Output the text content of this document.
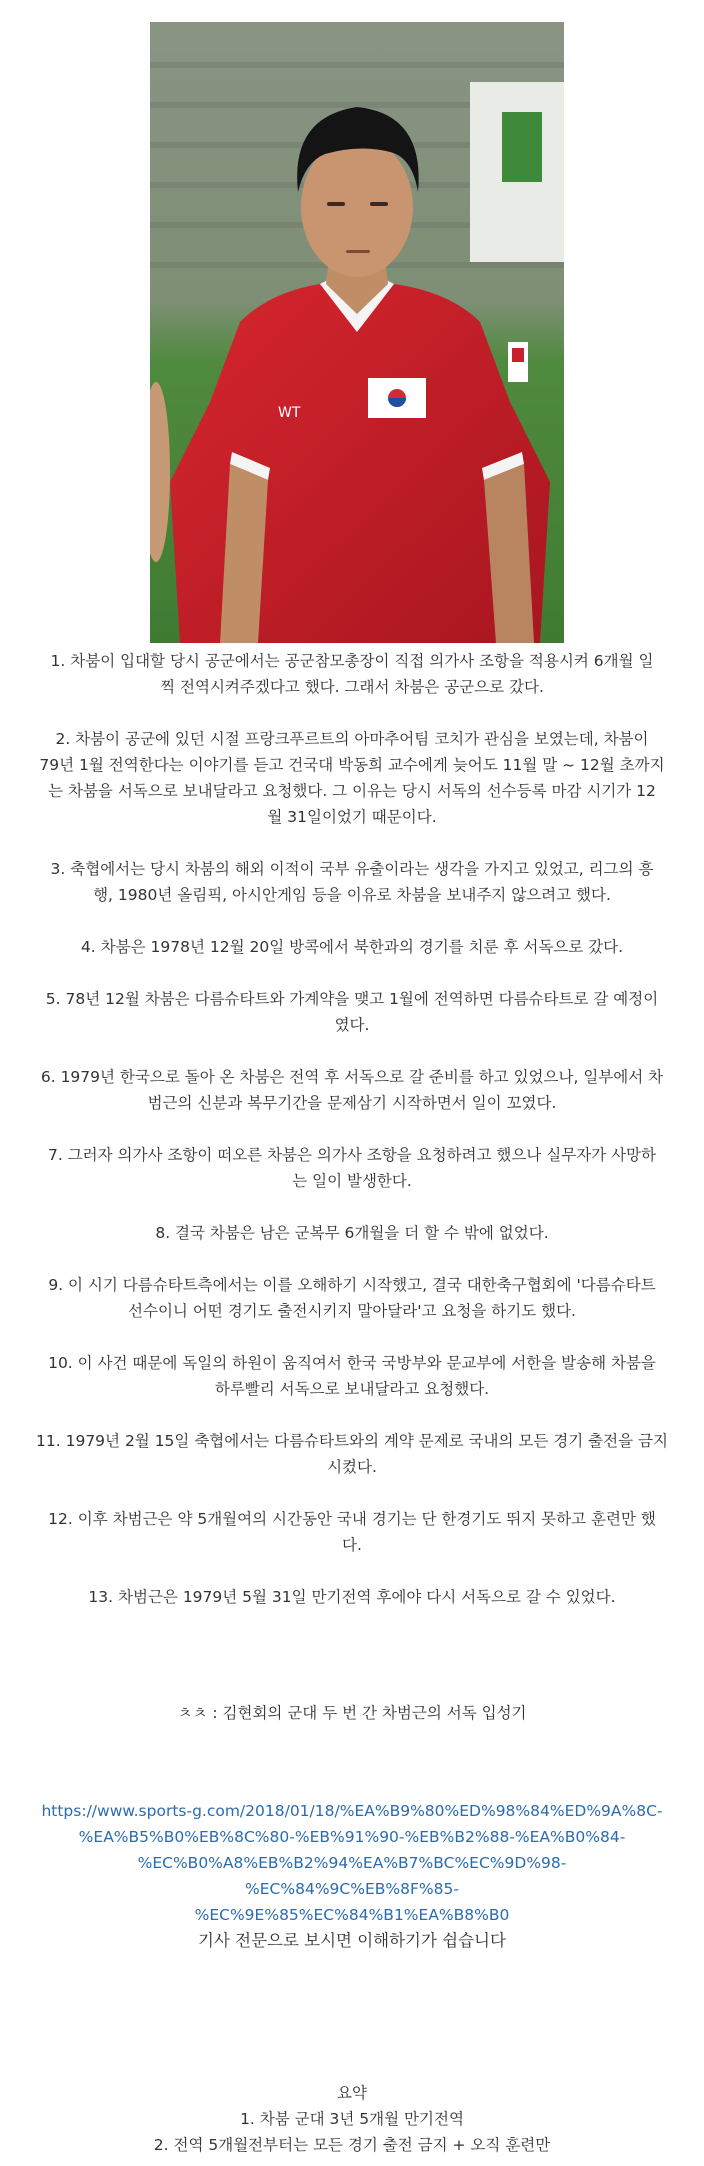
WT
1. 차붐이 입대할 당시 공군에서는 공군참모총장이 직접 의가사 조항을 적용시켜 6개월 일
찍 전역시켜주겠다고 했다. 그래서 차붐은 공군으로 갔다.
2. 차붐이 공군에 있던 시절 프랑크푸르트의 아마추어팀 코치가 관심을 보였는데, 차붐이
79년 1월 전역한다는 이야기를 듣고 건국대 박동희 교수에게 늦어도 11월 말 ~ 12월 초까지
는 차붐을 서독으로 보내달라고 요청했다. 그 이유는 당시 서독의 선수등록 마감 시기가 12
월 31일이었기 때문이다.
3. 축협에서는 당시 차붐의 해외 이적이 국부 유출이라는 생각을 가지고 있었고, 리그의 흥
행, 1980년 올림픽, 아시안게임 등을 이유로 차붐을 보내주지 않으려고 했다.
4. 차붐은 1978년 12월 20일 방콕에서 북한과의 경기를 치룬 후 서독으로 갔다.
5. 78년 12월 차붐은 다름슈타트와 가계약을 맺고 1월에 전역하면 다름슈타트로 갈 예정이
였다.
6. 1979년 한국으로 돌아 온 차붐은 전역 후 서독으로 갈 준비를 하고 있었으나, 일부에서 차
범근의 신분과 복무기간을 문제삼기 시작하면서 일이 꼬였다.
7. 그러자 의가사 조항이 떠오른 차붐은 의가사 조항을 요청하려고 했으나 실무자가 사망하
는 일이 발생한다.
8. 결국 차붐은 남은 군복무 6개월을 더 할 수 밖에 없었다.
9. 이 시기 다름슈타트측에서는 이를 오해하기 시작했고, 결국 대한축구협회에 '다름슈타트
선수이니 어떤 경기도 출전시키지 말아달라'고 요청을 하기도 했다.
10. 이 사건 때문에 독일의 하원이 움직여서 한국 국방부와 문교부에 서한을 발송해 차붐을
하루빨리 서독으로 보내달라고 요청했다.
11. 1979년 2월 15일 축협에서는 다름슈타트와의 계약 문제로 국내의 모든 경기 출전을 금지
시켰다.
12. 이후 차범근은 약 5개월여의 시간동안 국내 경기는 단 한경기도 뛰지 못하고 훈련만 했
다.
13. 차범근은 1979년 5월 31일 만기전역 후에야 다시 서독으로 갈 수 있었다.
ㅊㅊ : 김현회의 군대 두 번 간 차범근의 서독 입성기
https://www.sports-g.com/2018/01/18/%EA%B9%80%ED%98%84%ED%9A%8C-
%EA%B5%B0%EB%8C%80-%EB%91%90-%EB%B2%88-%EA%B0%84-
%EC%B0%A8%EB%B2%94%EA%B7%BC%EC%9D%98-%EC%84%9C%EB%8F%85-
%EC%9E%85%EC%84%B1%EA%B8%B0
기사 전문으로 보시면 이해하기가 쉽습니다
요약
1. 차붐 군대 3년 5개월 만기전역
2. 전역 5개월전부터는 모든 경기 출전 금지 + 오직 훈련만
